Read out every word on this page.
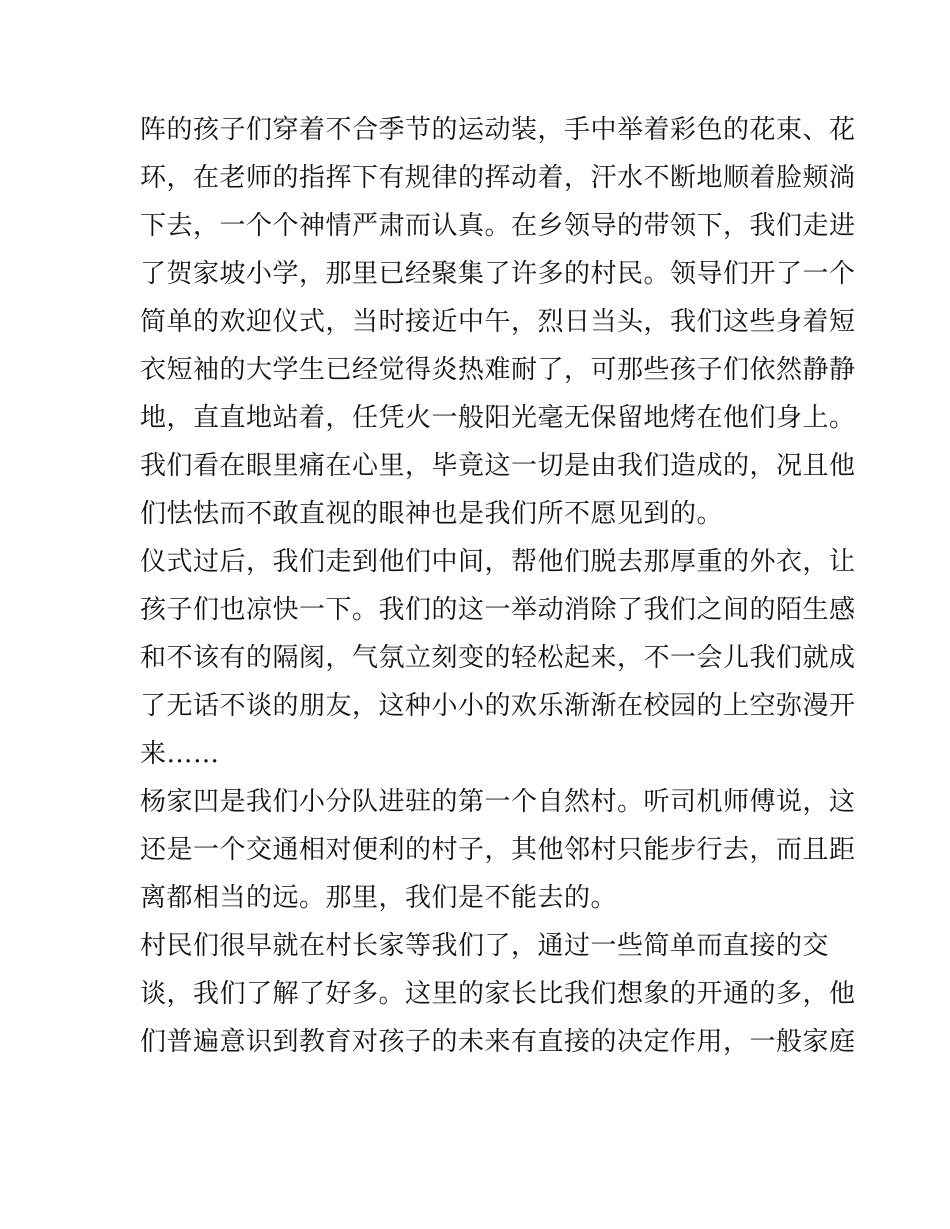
阵的孩子们穿着不合季节的运动装，手中举着彩色的花束、花
环，在老师的指挥下有规律的挥动着，汗水不断地顺着脸颊淌
下去，一个个神情严肃而认真。在乡领导的带领下，我们走进
了贺家坡小学，那里已经聚集了许多的村民。领导们开了一个
简单的欢迎仪式，当时接近中午，烈日当头，我们这些身着短
衣短袖的大学生已经觉得炎热难耐了，可那些孩子们依然静静
地，直直地站着，任凭火一般阳光毫无保留地烤在他们身上。
我们看在眼里痛在心里，毕竟这一切是由我们造成的，况且他
们怯怯而不敢直视的眼神也是我们所不愿见到的。
仪式过后，我们走到他们中间，帮他们脱去那厚重的外衣，让
孩子们也凉快一下。我们的这一举动消除了我们之间的陌生感
和不该有的隔阂，气氛立刻变的轻松起来，不一会儿我们就成
了无话不谈的朋友，这种小小的欢乐渐渐在校园的上空弥漫开
来……
杨家凹是我们小分队进驻的第一个自然村。听司机师傅说，这
还是一个交通相对便利的村子，其他邻村只能步行去，而且距
离都相当的远。那里，我们是不能去的。
村民们很早就在村长家等我们了，通过一些简单而直接的交
谈，我们了解了好多。这里的家长比我们想象的开通的多，他
们普遍意识到教育对孩子的未来有直接的决定作用，一般家庭
